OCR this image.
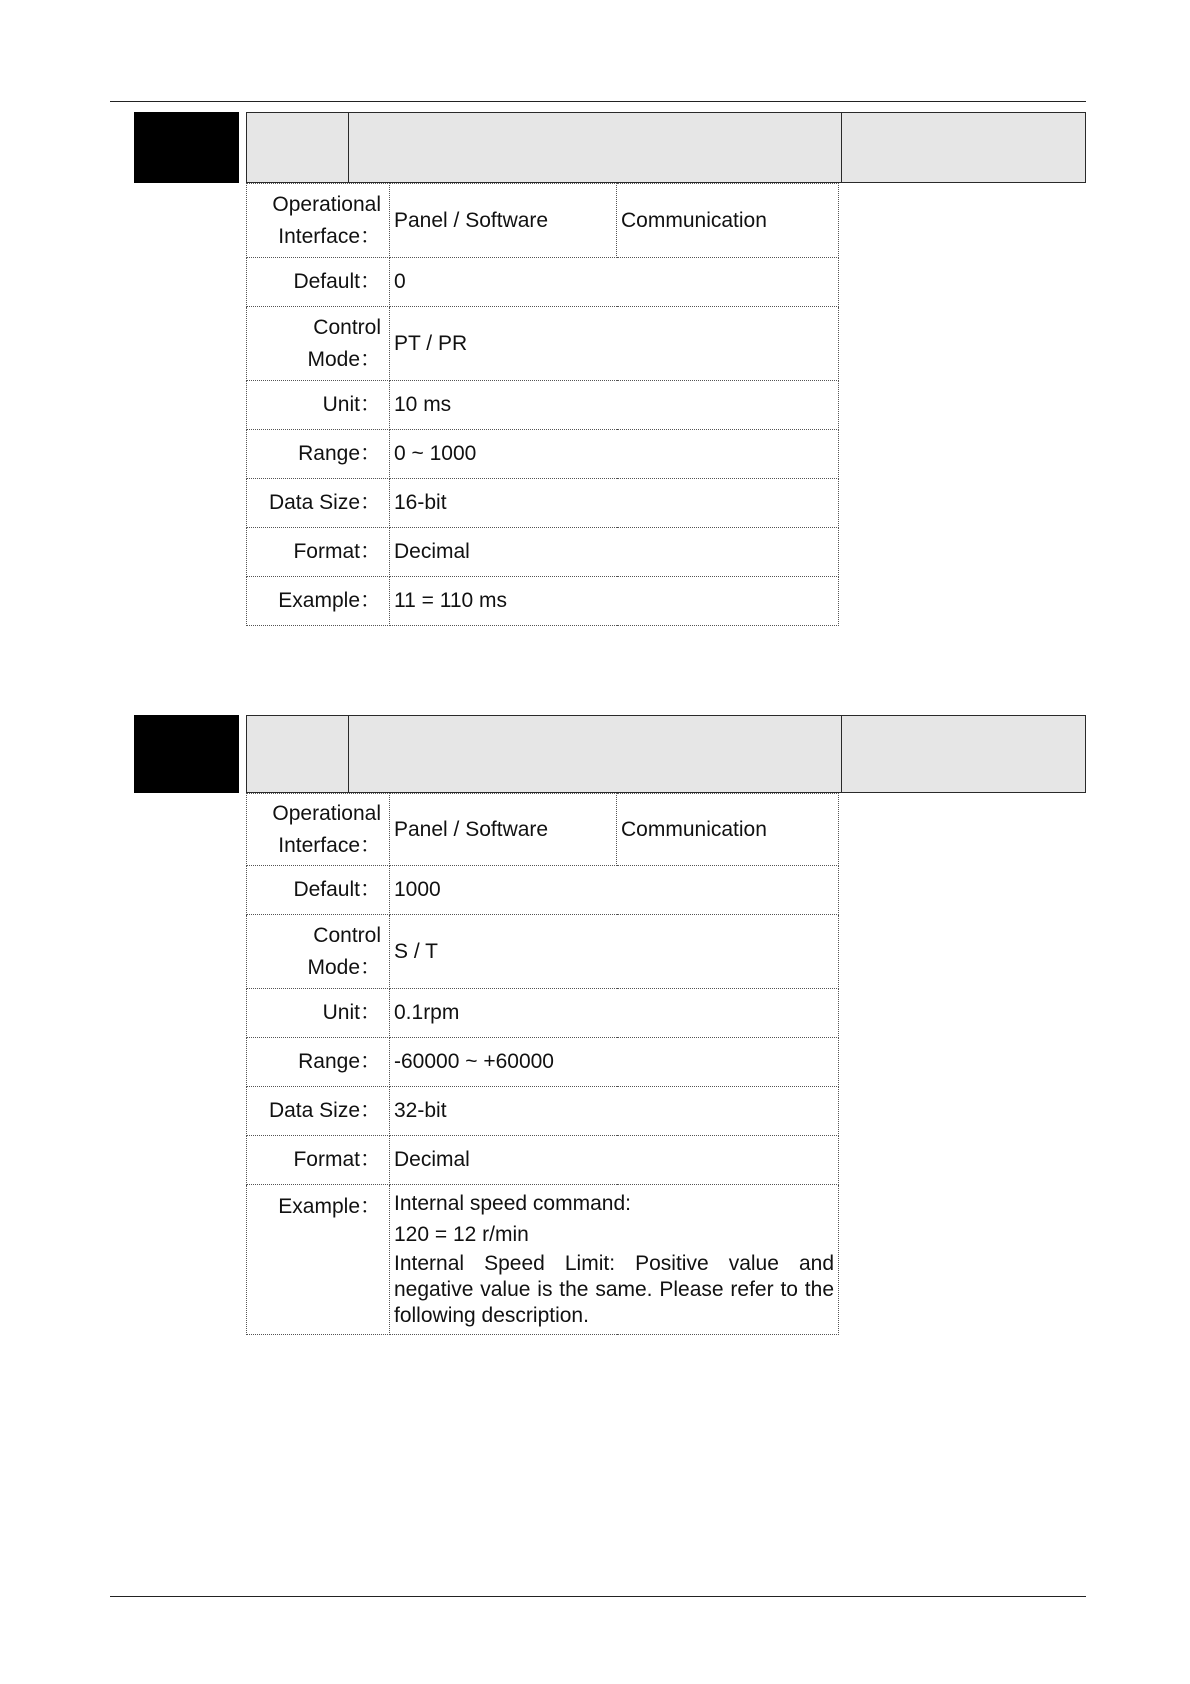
Operational
Interface：	Panel / Software	Communication
Default：	0	
Control
Mode：	PT / PR	
Unit：	10 ms	
Range：	0 ~ 1000	
Data Size：	16-bit	
Format：	Decimal	
Example：	11 = 110 ms	
Operational
Interface：	Panel / Software	Communication
Default：	1000	
Control
Mode：	S / T	
Unit：	0.1rpm	
Range：	-60000 ~ +60000	
Data Size：	32-bit	
Format：	Decimal	
Example：	Internal speed command:

120 = 12 r/min

Internal Speed Limit: Positive value and negative value is the same. Please refer to the following description.	
